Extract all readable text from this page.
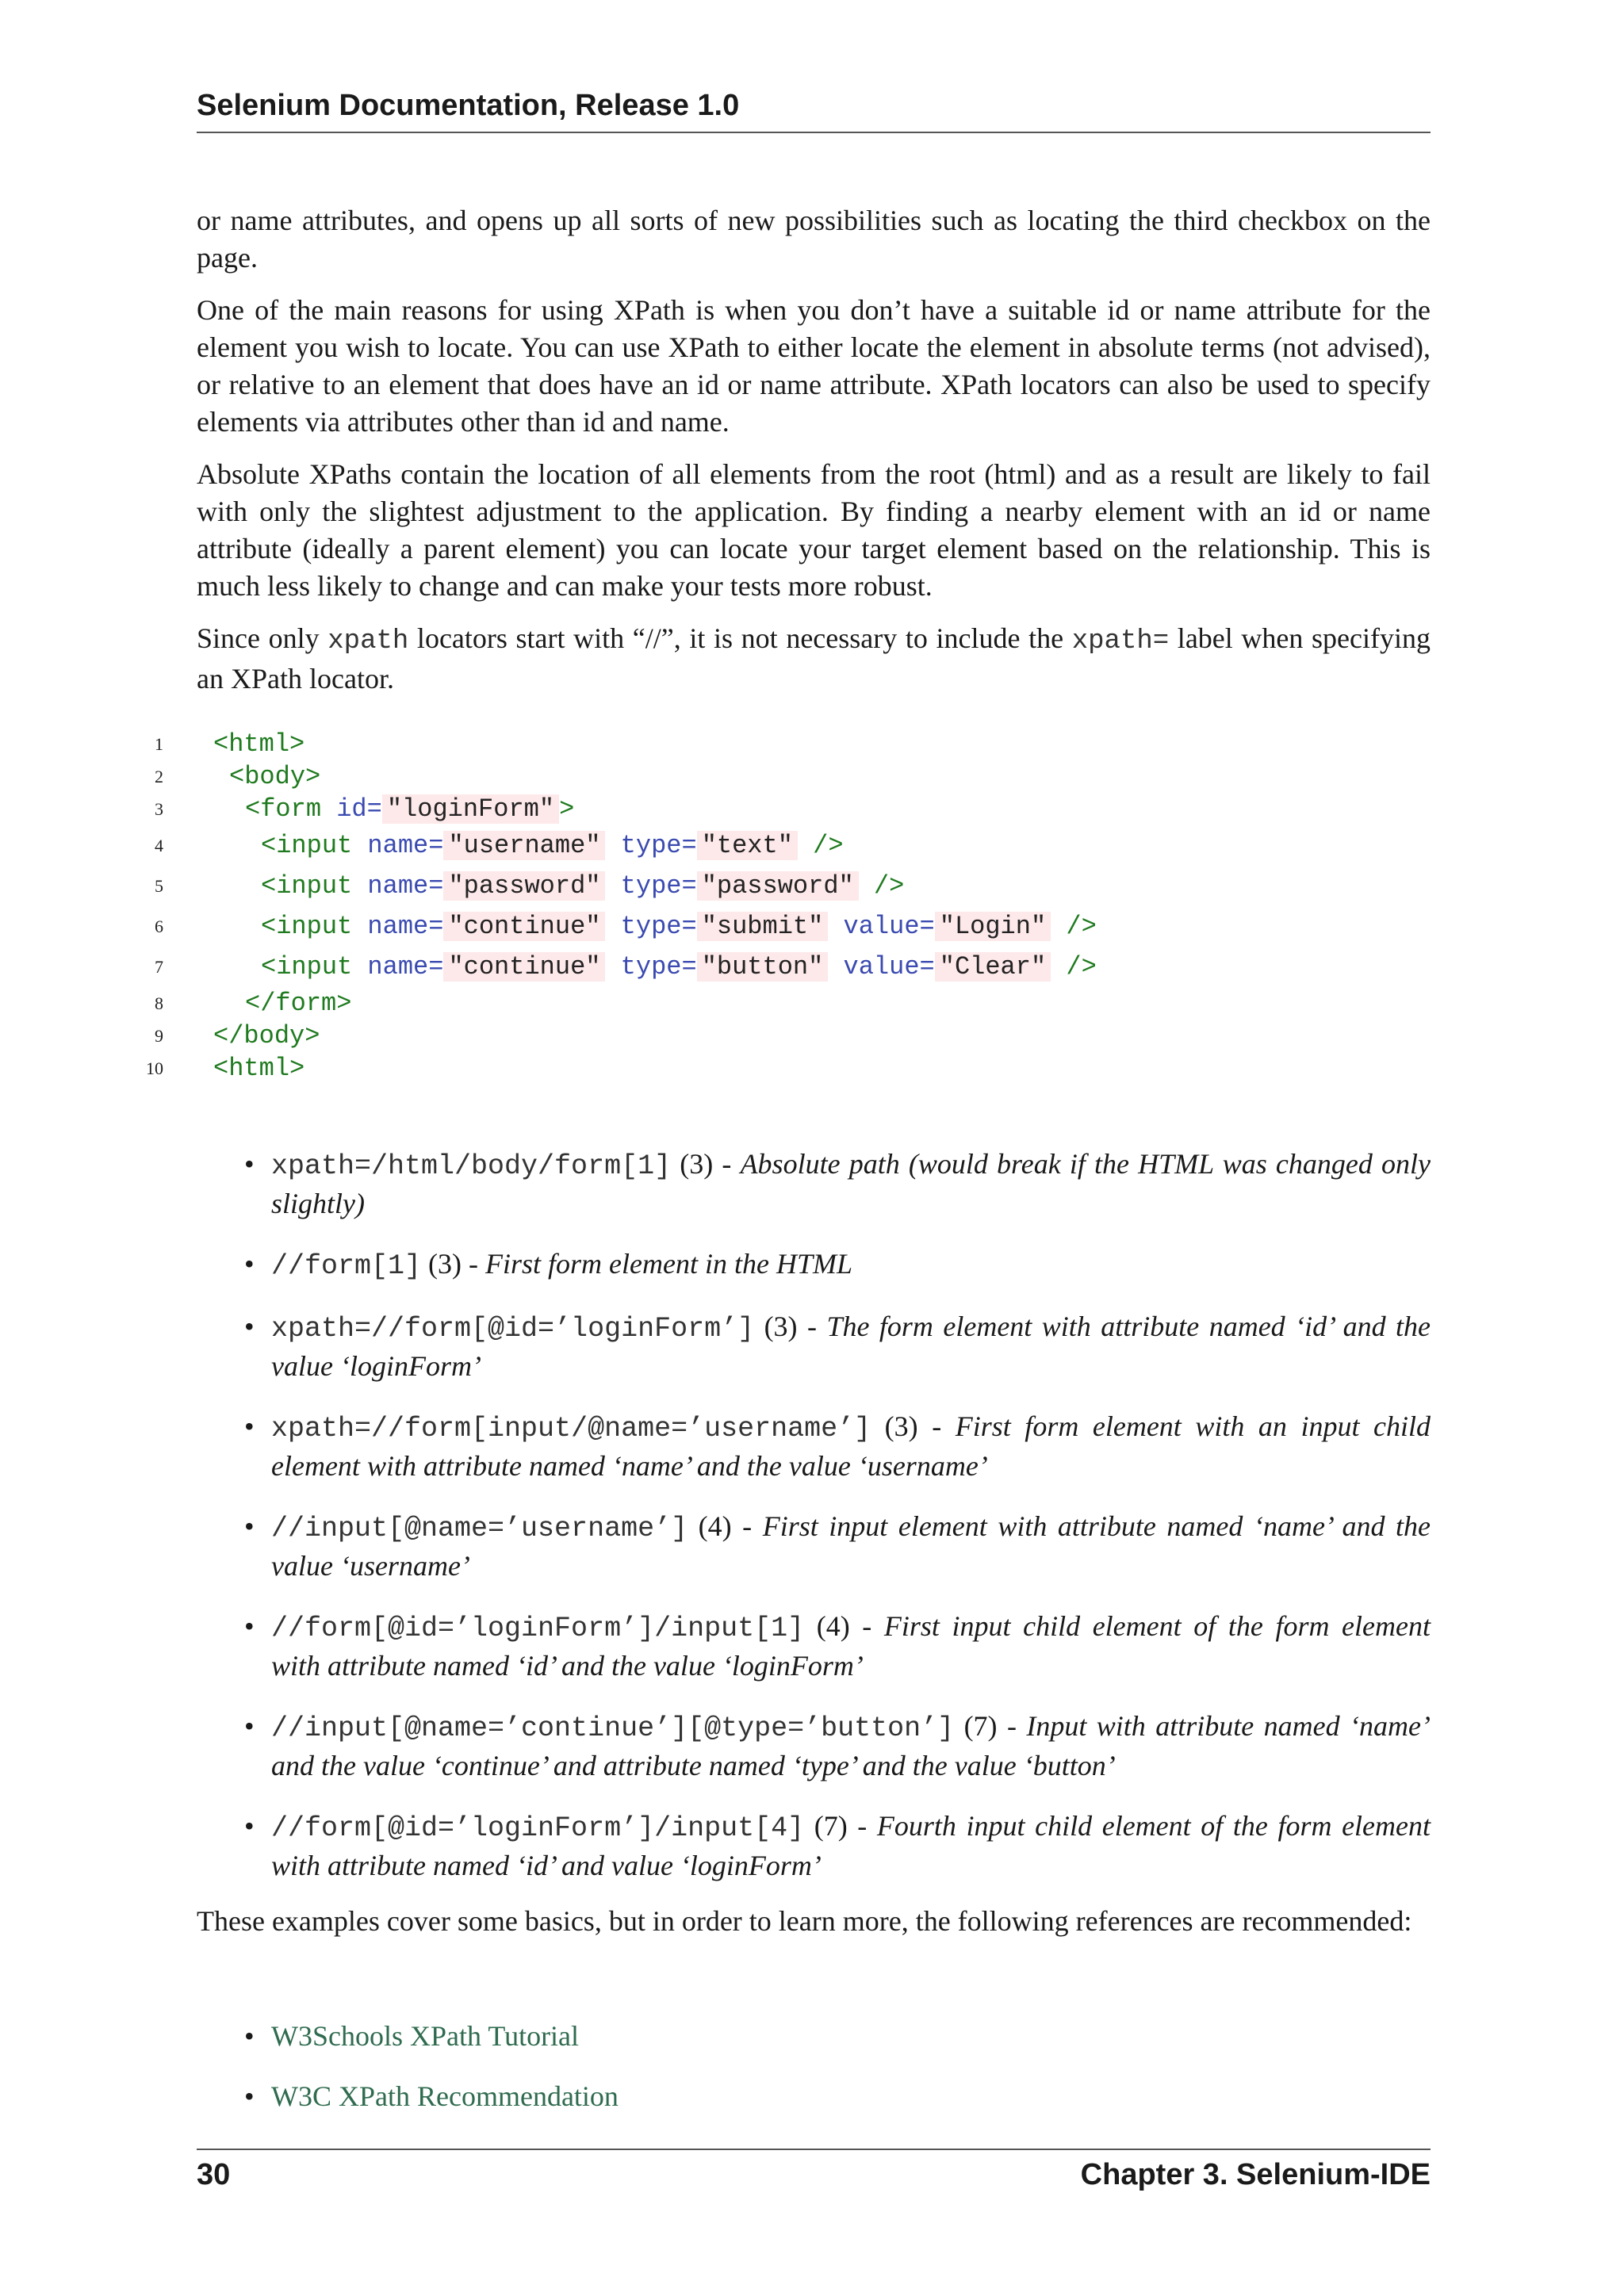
Selenium Documentation, Release 1.0

or name attributes, and opens up all sorts of new possibilities such as locating the third checkbox on the page.

One of the main reasons for using XPath is when you don’t have a suitable id or name attribute for the element you wish to locate. You can use XPath to either locate the element in absolute terms (not advised), or relative to an element that does have an id or name attribute. XPath locators can also be used to specify elements via attributes other than id and name.

Absolute XPaths contain the location of all elements from the root (html) and as a result are likely to fail with only the slightest adjustment to the application. By finding a nearby element with an id or name attribute (ideally a parent element) you can locate your target element based on the relationship. This is much less likely to change and can make your tests more robust.

Since only xpath locators start with “//”, it is not necessary to include the xpath= label when specifying an XPath locator.

1 <html>
2	<body>
3	<form id= "loginForm" >
4	<input name= "username" type= "text" />
5	<input name= "password" type= "password" />
6	<input name= "continue" type= "submit" value= "Login" />
7	<input name= "continue" type= "button" value= "Clear" />
8	</form>
9 </body>
10 <html>
• xpath=/html/body/form[1] (3) - Absolute path (would break if the HTML was changed only slightly)
• //form[1] (3) - First form element in the HTML
• xpath=//form[@id=’loginForm’] (3) - The form element with attribute named ‘id’ and the value ‘loginForm’
• xpath=//form[input/@name=’username’] (3) - First form element with an input child element with attribute named ‘name’ and the value ‘username’
• //input[@name=’username’] (4) - First input element with attribute named ‘name’ and the value ‘username’
• //form[@id=’loginForm’]/input[1] (4) - First input child element of the form element with attribute named ‘id’ and the value ‘loginForm’
• //input[@name=’continue’][@type=’button’] (7) - Input with attribute named ‘name’ and the value ‘continue’ and attribute named ‘type’ and the value ‘button’
• //form[@id=’loginForm’]/input[4] (7) - Fourth input child element of the form element with attribute named ‘id’ and value ‘loginForm’
These examples cover some basics, but in order to learn more, the following references are recommended:
• W3Schools XPath Tutorial
• W3C XPath Recommendation
30	Chapter 3. Selenium-IDE
